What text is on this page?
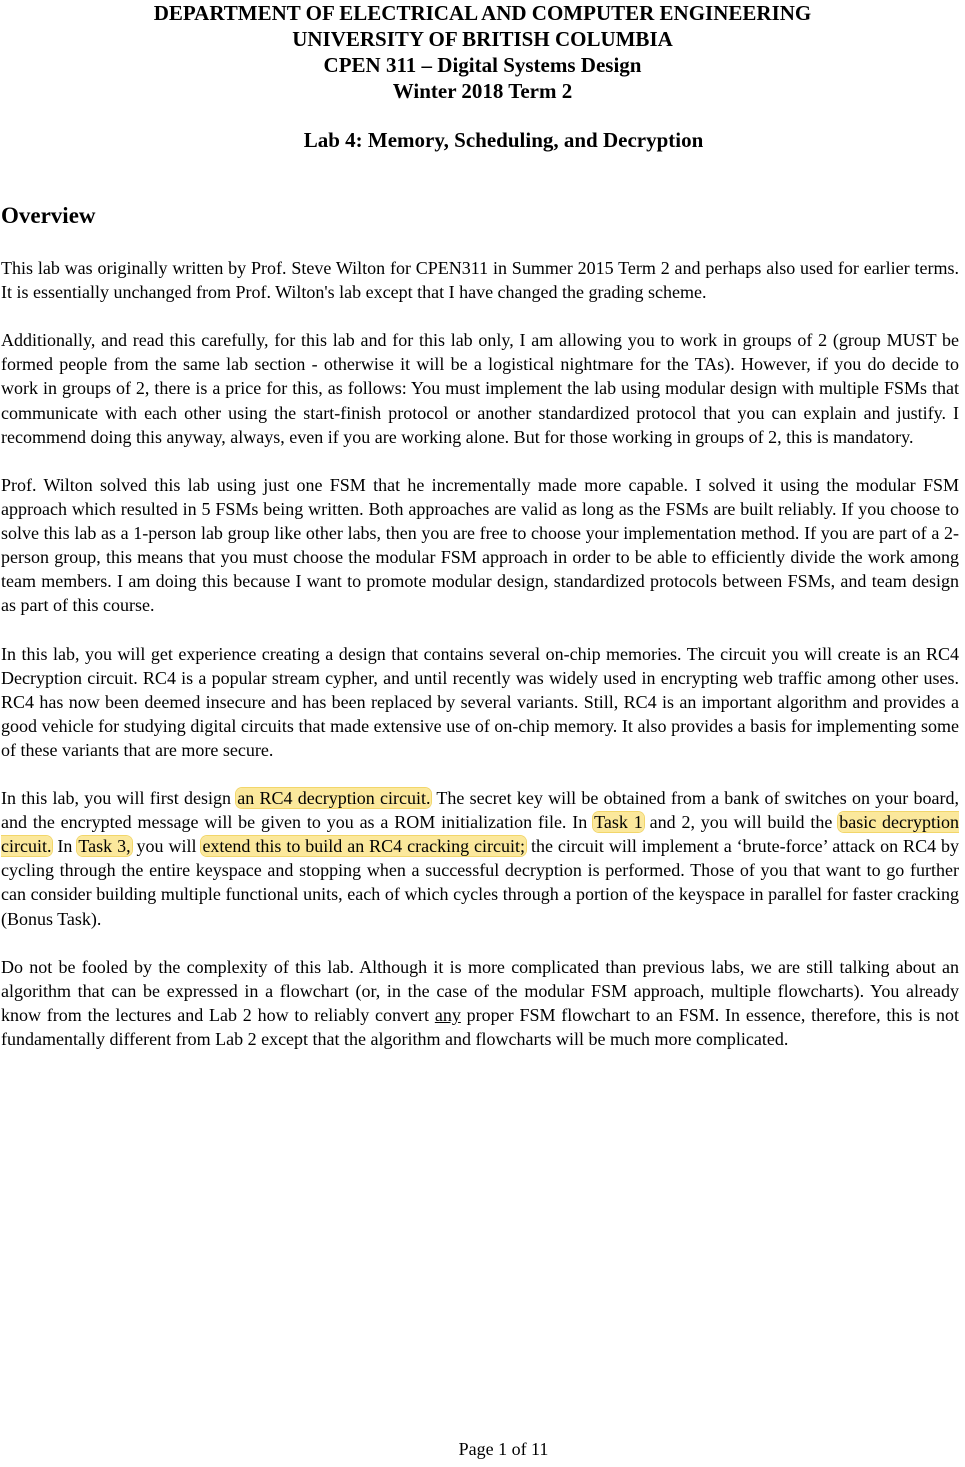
DEPARTMENT OF ELECTRICAL AND COMPUTER ENGINEERING
UNIVERSITY OF BRITISH COLUMBIA
CPEN 311 – Digital Systems Design
Winter 2018 Term 2
Lab 4: Memory, Scheduling, and Decryption
Overview

This lab was originally written by Prof. Steve Wilton for CPEN311 in Summer 2015 Term 2 and perhaps also used for earlier terms. It is essentially unchanged from Prof. Wilton's lab except that I have changed the grading scheme.

Additionally, and read this carefully, for this lab and for this lab only, I am allowing you to work in groups of 2 (group MUST be formed people from the same lab section - otherwise it will be a logistical nightmare for the TAs). However, if you do decide to work in groups of 2, there is a price for this, as follows: You must implement the lab using modular design with multiple FSMs that communicate with each other using the start-finish protocol or another standardized protocol that you can explain and justify. I recommend doing this anyway, always, even if you are working alone. But for those working in groups of 2, this is mandatory.

Prof. Wilton solved this lab using just one FSM that he incrementally made more capable. I solved it using the modular FSM approach which resulted in 5 FSMs being written. Both approaches are valid as long as the FSMs are built reliably. If you choose to solve this lab as a 1-person lab group like other labs, then you are free to choose your implementation method. If you are part of a 2-person group, this means that you must choose the modular FSM approach in order to be able to efficiently divide the work among team members. I am doing this because I want to promote modular design, standardized protocols between FSMs, and team design as part of this course.

In this lab, you will get experience creating a design that contains several on-chip memories. The circuit you will create is an RC4 Decryption circuit. RC4 is a popular stream cypher, and until recently was widely used in encrypting web traffic among other uses. RC4 has now been deemed insecure and has been replaced by several variants. Still, RC4 is an important algorithm and provides a good vehicle for studying digital circuits that made extensive use of on-chip memory. It also provides a basis for implementing some of these variants that are more secure.

In this lab, you will first design an RC4 decryption circuit. The secret key will be obtained from a bank of switches on your board, and the encrypted message will be given to you as a ROM initialization file. In Task 1 and 2, you will build the basic decryption circuit. In Task 3, you will extend this to build an RC4 cracking circuit; the circuit will implement a ‘brute-force’ attack on RC4 by cycling through the entire keyspace and stopping when a successful decryption is performed. Those of you that want to go further can consider building multiple functional units, each of which cycles through a portion of the keyspace in parallel for faster cracking (Bonus Task).

Do not be fooled by the complexity of this lab. Although it is more complicated than previous labs, we are still talking about an algorithm that can be expressed in a flowchart (or, in the case of the modular FSM approach, multiple flowcharts). You already know from the lectures and Lab 2 how to reliably convert any proper FSM flowchart to an FSM. In essence, therefore, this is not fundamentally different from Lab 2 except that the algorithm and flowcharts will be much more complicated.

Page 1 of 11
